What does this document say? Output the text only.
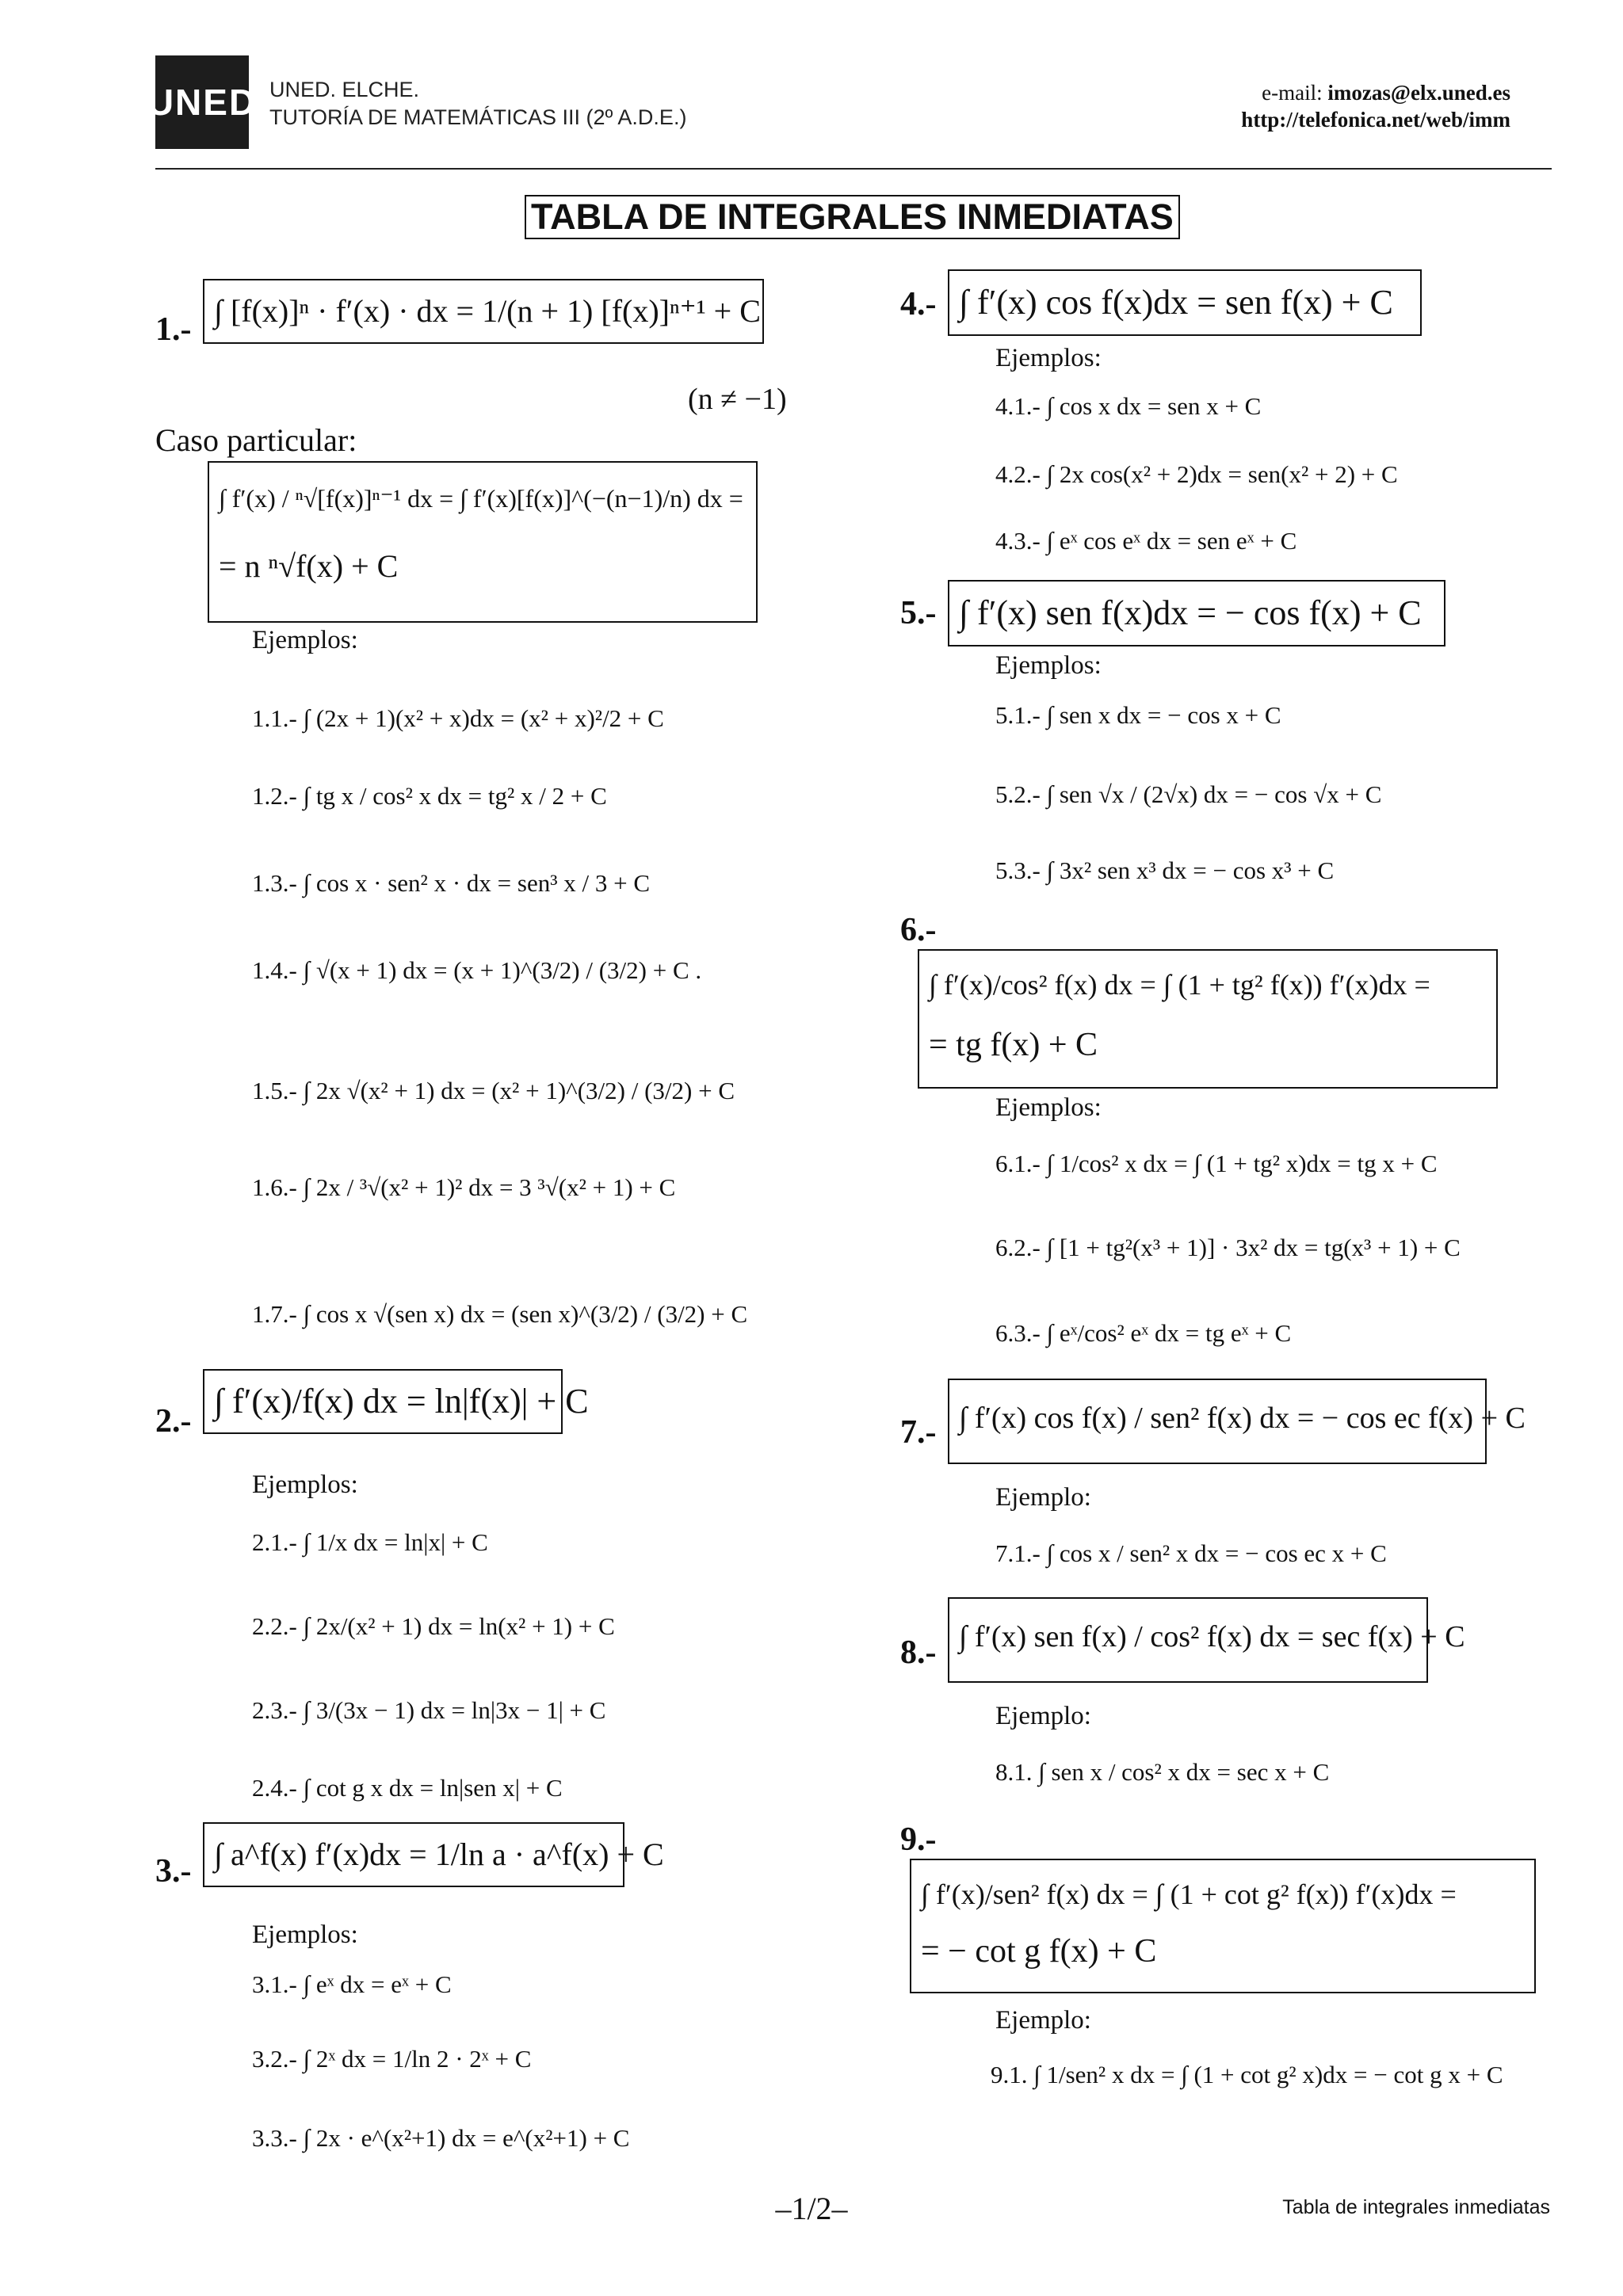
UNED UNED. ELCHE.
TUTORÍA DE MATEMÁTICAS III (2º A.D.E.)
e-mail: imozas@elx.uned.es
http://telefonica.net/web/imm
TABLA DE INTEGRALES INMEDIATAS
1.-
∫ [f(x)]ⁿ · f′(x) · dx = 1/(n + 1) [f(x)]ⁿ⁺¹ + C
(n ≠ −1)
Caso particular:
∫ f′(x) / ⁿ√[f(x)]ⁿ⁻¹ dx = ∫ f′(x)[f(x)]^(−(n−1)/n) dx =
= n ⁿ√f(x) + C
Ejemplos:
1.1.- ∫ (2x + 1)(x² + x)dx = (x² + x)²/2 + C
1.2.- ∫ tg x / cos² x dx = tg² x / 2 + C
1.3.- ∫ cos x · sen² x · dx = sen³ x / 3 + C
1.4.- ∫ √(x + 1) dx = (x + 1)^(3/2) / (3/2) + C .
1.5.- ∫ 2x √(x² + 1) dx = (x² + 1)^(3/2) / (3/2) + C
1.6.- ∫ 2x / ³√(x² + 1)² dx = 3 ³√(x² + 1) + C
1.7.- ∫ cos x √(sen x) dx = (sen x)^(3/2) / (3/2) + C
2.-
∫ f′(x)/f(x) dx = ln|f(x)| + C
Ejemplos:
2.1.- ∫ 1/x dx = ln|x| + C
2.2.- ∫ 2x/(x² + 1) dx = ln(x² + 1) + C
2.3.- ∫ 3/(3x − 1) dx = ln|3x − 1| + C
2.4.- ∫ cot g x dx = ln|sen x| + C
3.- ∫ a^f(x) f′(x)dx = 1/ln a · a^f(x) + C
Ejemplos:
3.1.- ∫ eˣ dx = eˣ + C
3.2.- ∫ 2ˣ dx = 1/ln 2 · 2ˣ + C
3.3.- ∫ 2x · e^(x²+1) dx = e^(x²+1) + C
4.- ∫ f′(x) cos f(x)dx = sen f(x) + C
Ejemplos:
4.1.- ∫ cos x dx = sen x + C
4.2.- ∫ 2x cos(x² + 2)dx = sen(x² + 2) + C
4.3.- ∫ eˣ cos eˣ dx = sen eˣ + C
5.- ∫ f′(x) sen f(x)dx = − cos f(x) + C
Ejemplos:
5.1.- ∫ sen x dx = − cos x + C
5.2.- ∫ sen √x / (2√x) dx = − cos √x + C
5.3.- ∫ 3x² sen x³ dx = − cos x³ + C
6.-
∫ f′(x)/cos² f(x) dx = ∫ (1 + tg² f(x)) f′(x)dx =
= tg f(x) + C
Ejemplos:
6.1.- ∫ 1/cos² x dx = ∫ (1 + tg² x)dx = tg x + C
6.2.- ∫ [1 + tg²(x³ + 1)] · 3x² dx = tg(x³ + 1) + C
6.3.- ∫ eˣ/cos² eˣ dx = tg eˣ + C
7.- ∫ f′(x) cos f(x) / sen² f(x) dx = − cos ec f(x) + C
Ejemplo:
7.1.- ∫ cos x / sen² x dx = − cos ec x + C
8.- ∫ f′(x) sen f(x) / cos² f(x) dx = sec f(x) + C
Ejemplo:
8.1. ∫ sen x / cos² x dx = sec x + C
9.-
∫ f′(x)/sen² f(x) dx = ∫ (1 + cot g² f(x)) f′(x)dx =
= − cot g f(x) + C
Ejemplo:
9.1. ∫ 1/sen² x dx = ∫ (1 + cot g² x)dx = − cot g x + C
–1/2–	Tabla de integrales inmediatas
